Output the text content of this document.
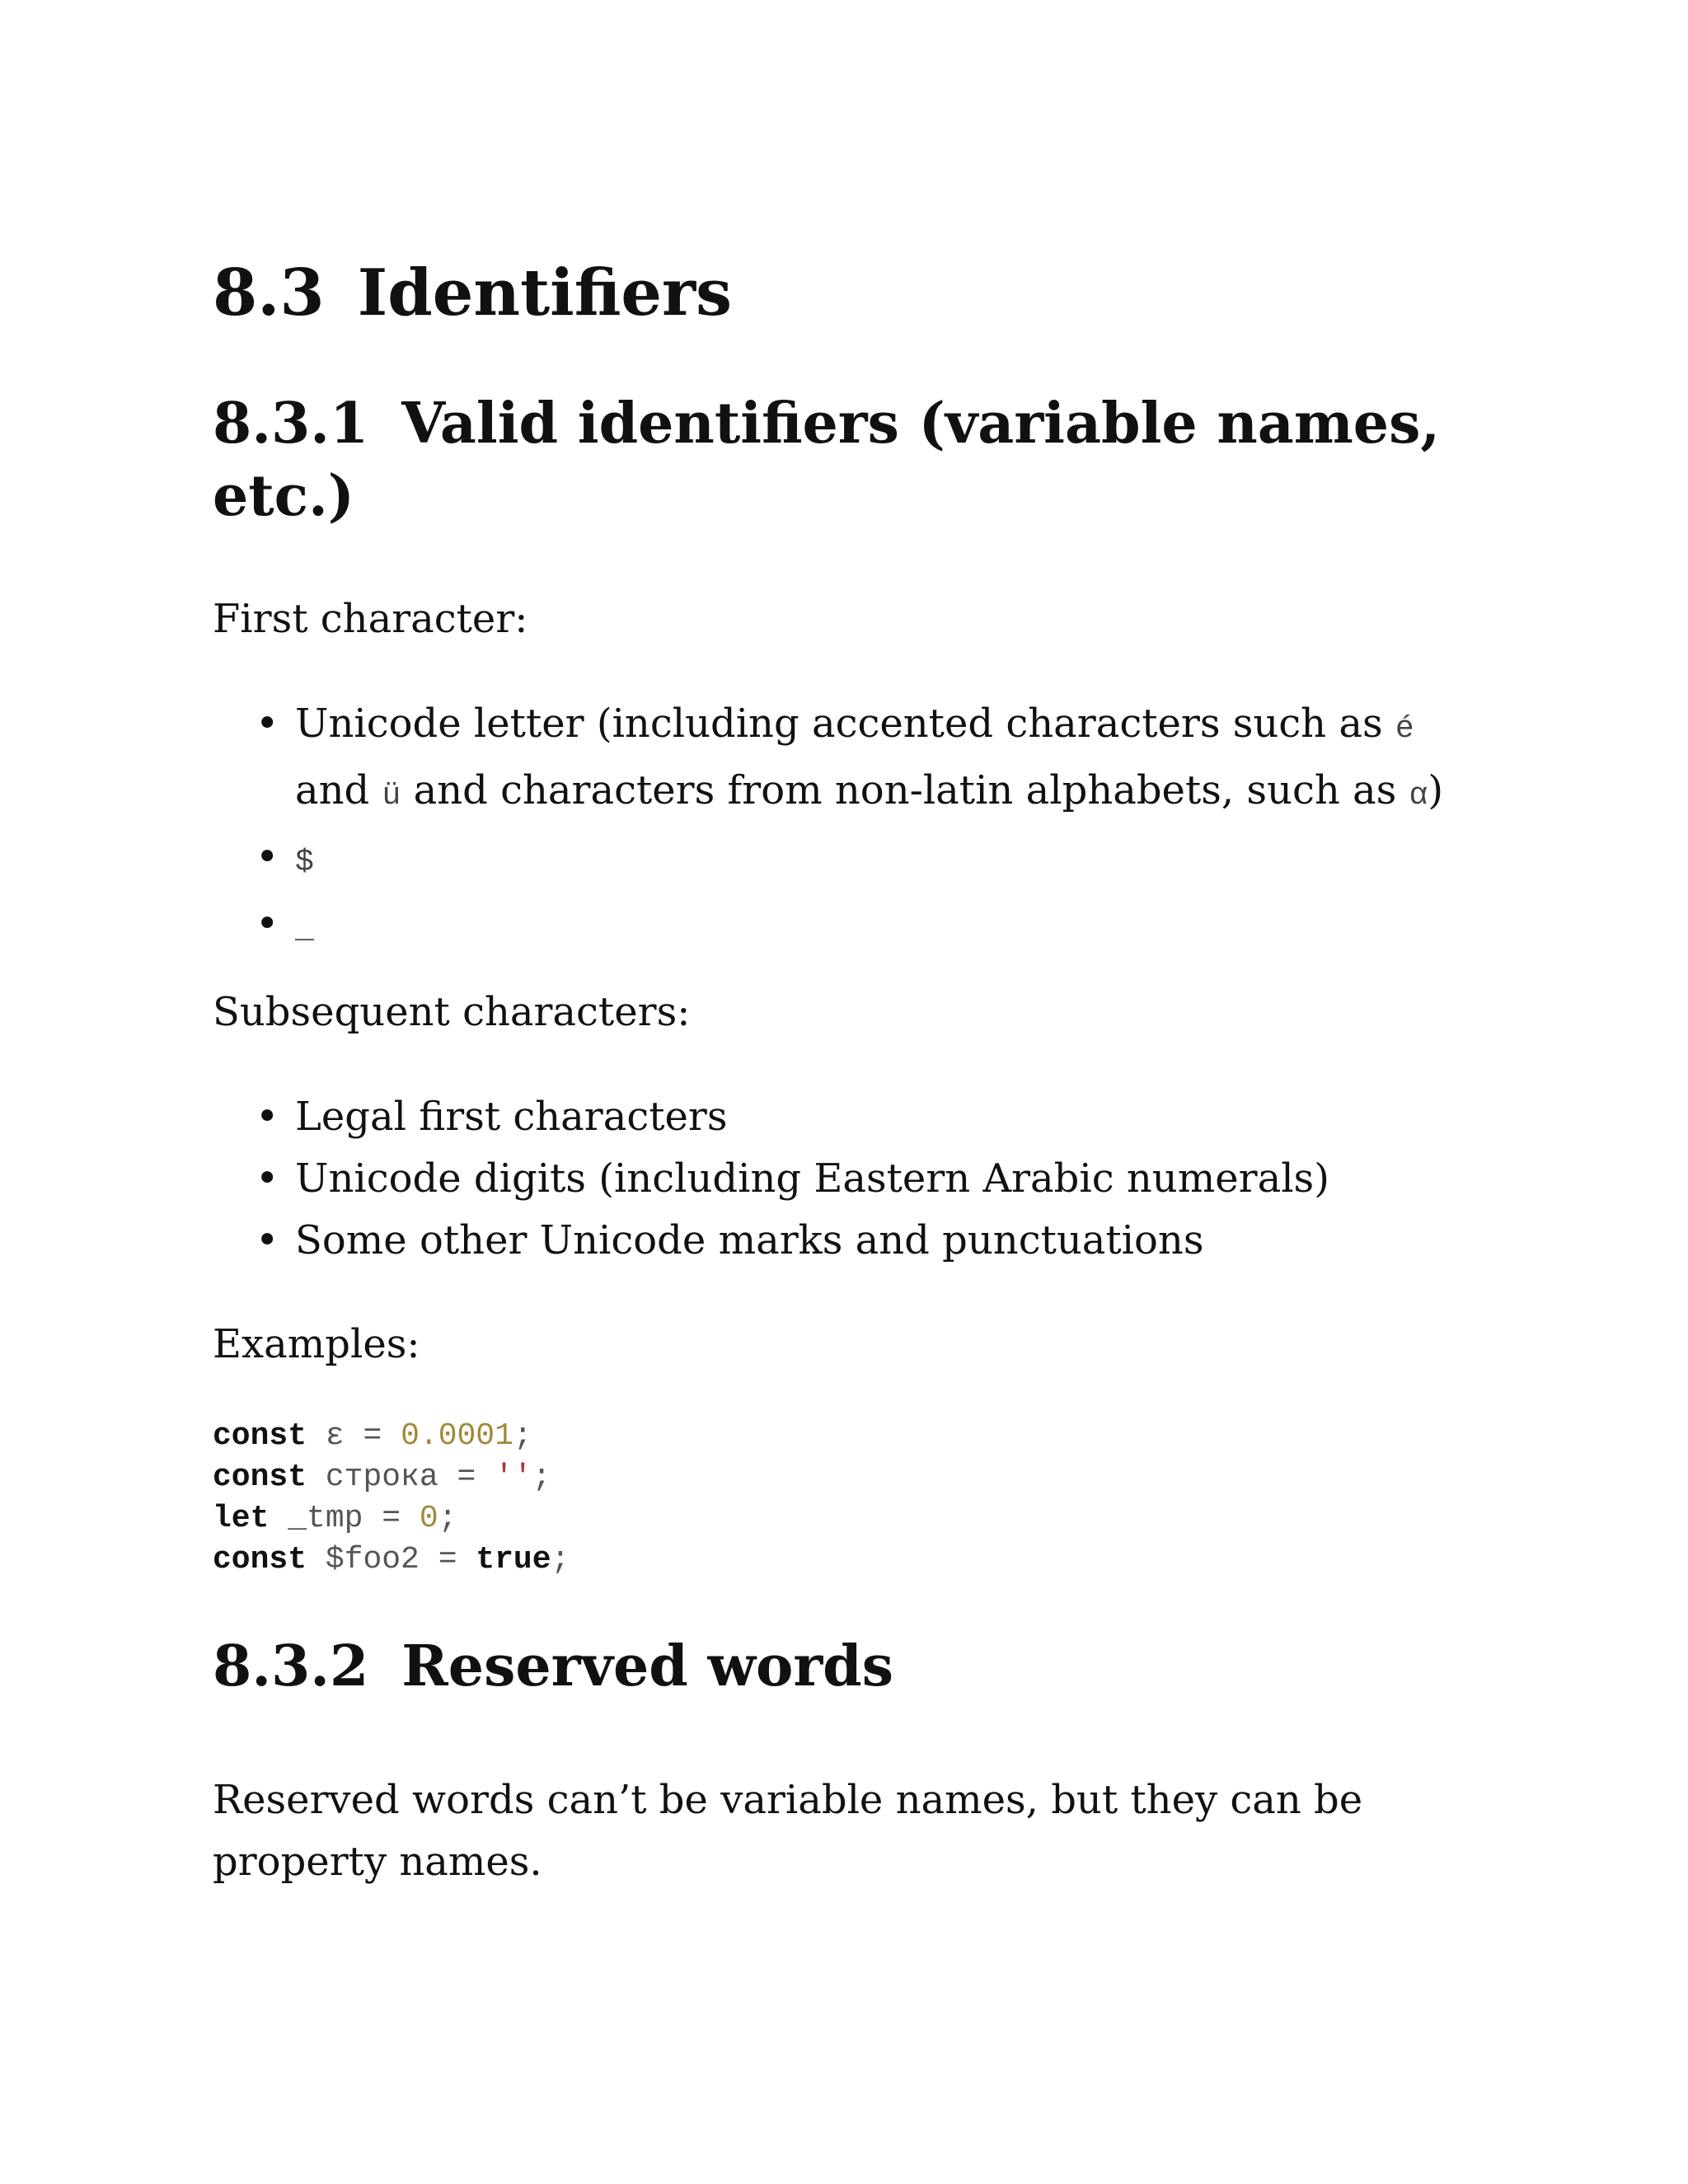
8.3 Identifiers
8.3.1 Valid identifiers (variable names, etc.)

First character:

• Unicode letter (including accented characters such as é and ü and characters from non-latin alphabets, such as α)
• $
• _

Subsequent characters:

• Legal first characters
• Unicode digits (including Eastern Arabic numerals)
• Some other Unicode marks and punctuations

Examples:

const ε = 0.0001;
const строка = '';
let _tmp = 0;
const $foo2 = true;
8.3.2 Reserved words

Reserved words can’t be variable names, but they can be property names.
